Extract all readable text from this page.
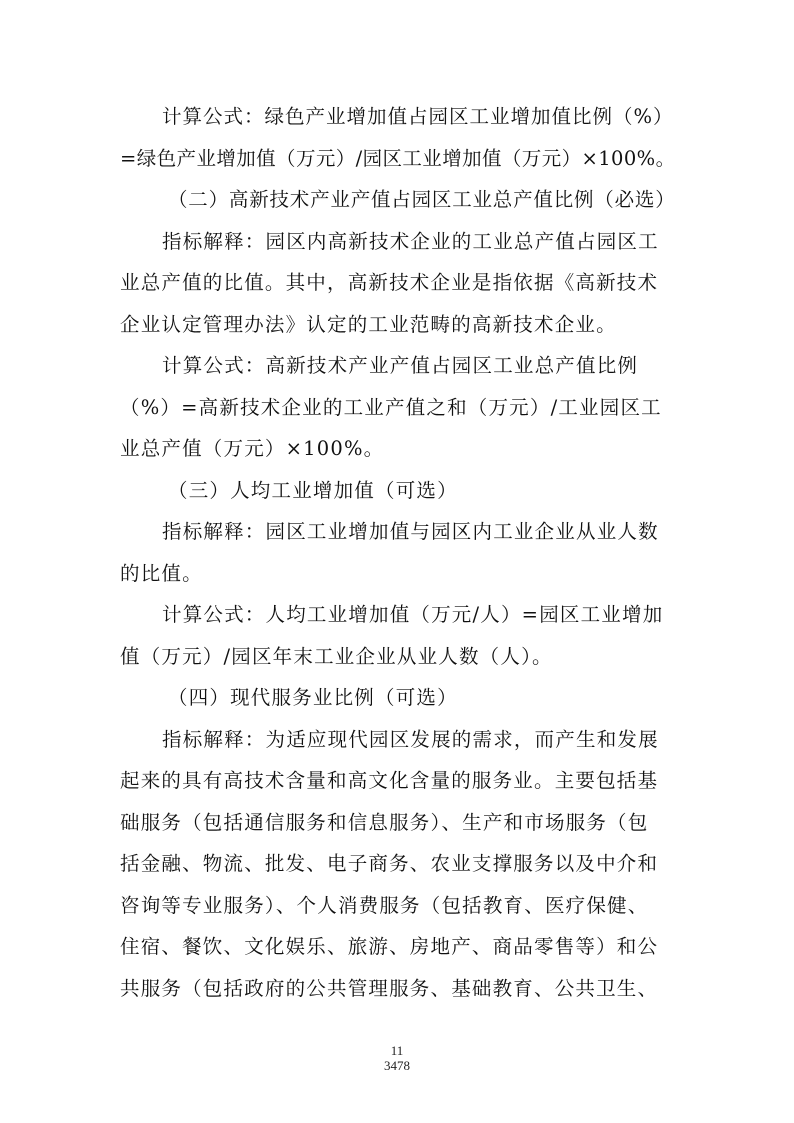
计算公式：绿色产业增加值占园区工业增加值比例（%）
=绿色产业增加值（万元）/园区工业增加值（万元）×100%。
（二）高新技术产业产值占园区工业总产值比例（必选）
指标解释：园区内高新技术企业的工业总产值占园区工
业总产值的比值。其中，高新技术企业是指依据《高新技术
企业认定管理办法》认定的工业范畴的高新技术企业。
计算公式：高新技术产业产值占园区工业总产值比例
（%）=高新技术企业的工业产值之和（万元）/工业园区工
业总产值（万元）×100%。
（三）人均工业增加值（可选）
指标解释：园区工业增加值与园区内工业企业从业人数
的比值。
计算公式：人均工业增加值（万元/人）=园区工业增加
值（万元）/园区年末工业企业从业人数（人）。
（四）现代服务业比例（可选）
指标解释：为适应现代园区发展的需求，而产生和发展
起来的具有高技术含量和高文化含量的服务业。主要包括基
础服务（包括通信服务和信息服务）、生产和市场服务（包
括金融、物流、批发、电子商务、农业支撑服务以及中介和
咨询等专业服务）、个人消费服务（包括教育、医疗保健、
住宿、餐饮、文化娱乐、旅游、房地产、商品零售等）和公
共服务（包括政府的公共管理服务、基础教育、公共卫生、
11
3478
